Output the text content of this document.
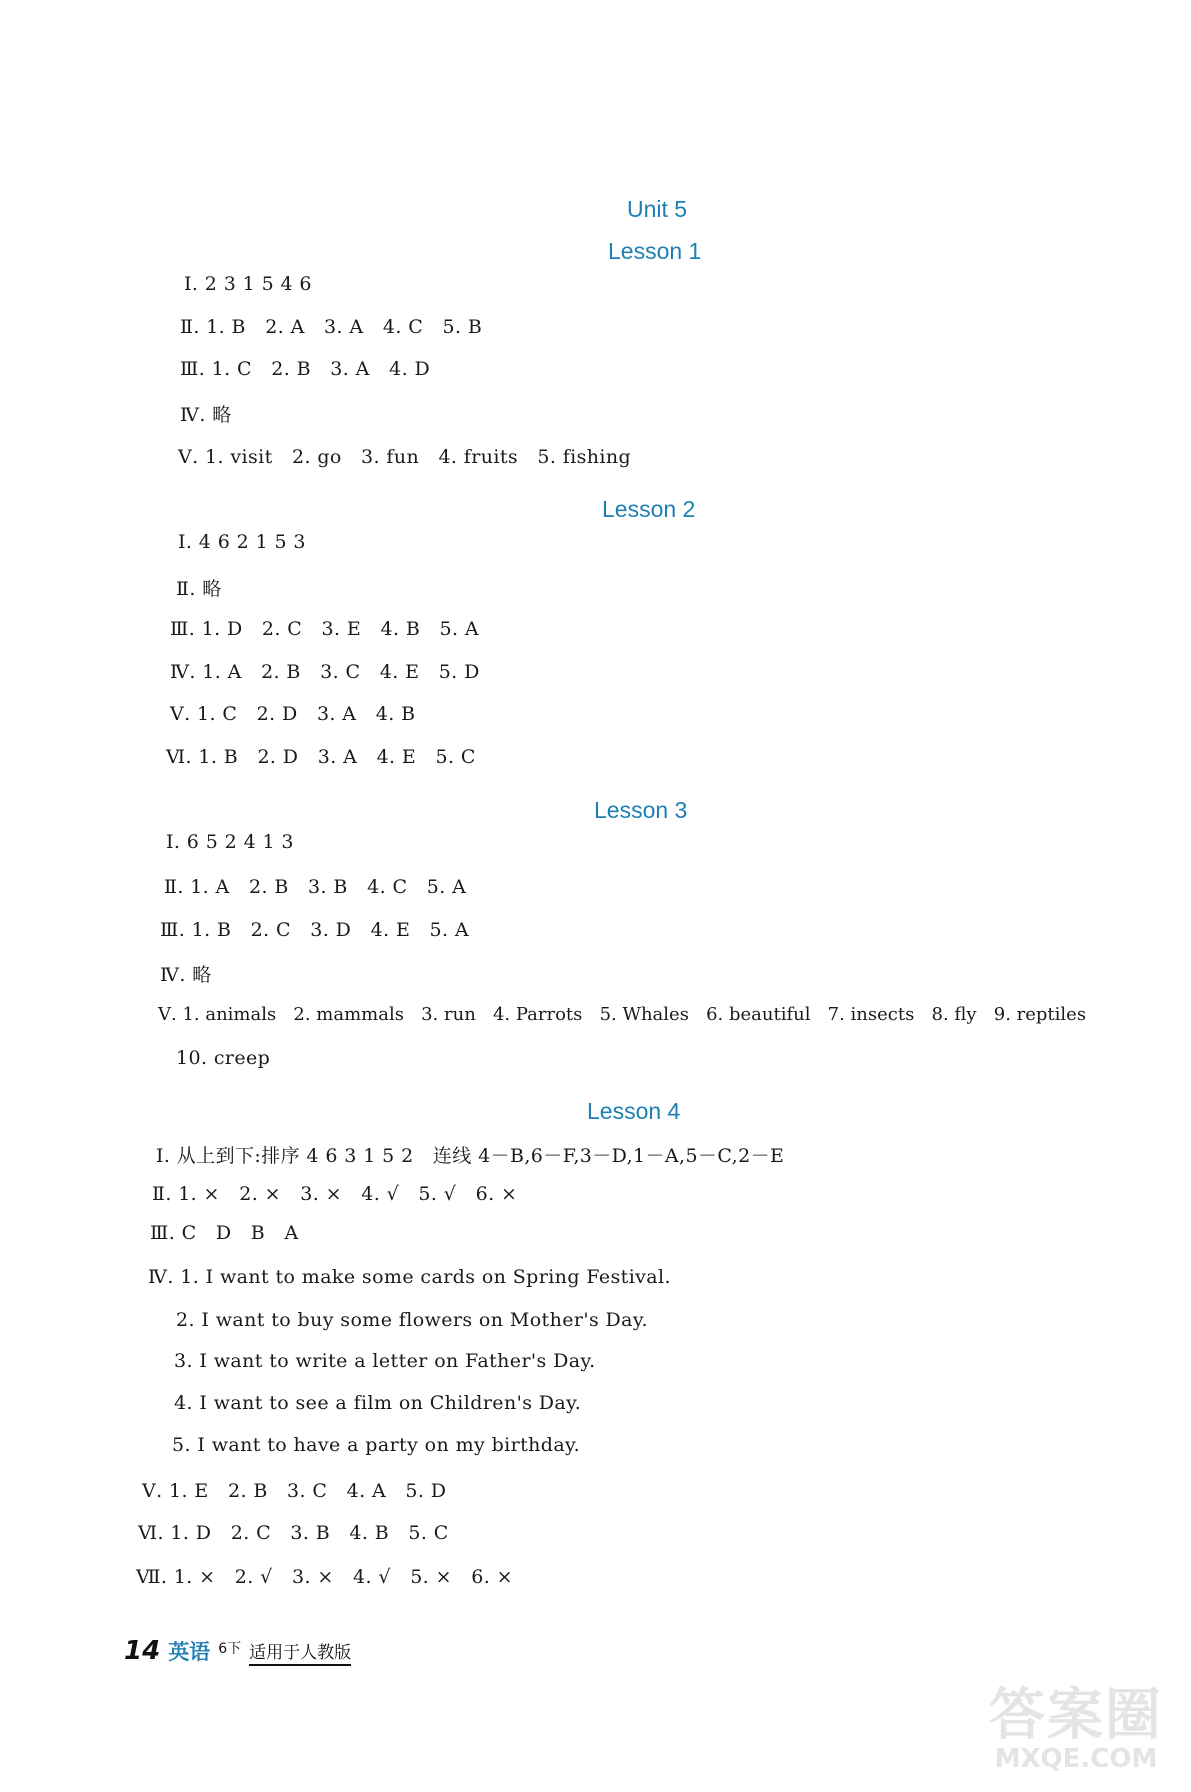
Unit 5
Lesson 1
Ⅰ. 2 3 1 5 4 6
Ⅱ. 1. B   2. A   3. A   4. C   5. B
Ⅲ. 1. C   2. B   3. A   4. D
Ⅳ. 略
Ⅴ. 1. visit   2. go   3. fun   4. fruits   5. fishing
Lesson 2
Ⅰ. 4 6 2 1 5 3
Ⅱ. 略
Ⅲ. 1. D   2. C   3. E   4. B   5. A
Ⅳ. 1. A   2. B   3. C   4. E   5. D
Ⅴ. 1. C   2. D   3. A   4. B
Ⅵ. 1. B   2. D   3. A   4. E   5. C
Lesson 3
Ⅰ. 6 5 2 4 1 3
Ⅱ. 1. A   2. B   3. B   4. C   5. A
Ⅲ. 1. B   2. C   3. D   4. E   5. A
Ⅳ. 略
Ⅴ. 1. animals   2. mammals   3. run   4. Parrots   5. Whales   6. beautiful   7. insects   8. fly   9. reptiles
10. creep
Lesson 4
Ⅰ. 从上到下:排序 4 6 3 1 5 2   连线 4－B,6－F,3－D,1－A,5－C,2－E
Ⅱ. 1. ×   2. ×   3. ×   4. √   5. √   6. ×
Ⅲ. C   D   B   A
Ⅳ. 1. I want to make some cards on Spring Festival.
2. I want to buy some flowers on Mother's Day.
3. I want to write a letter on Father's Day.
4. I want to see a film on Children's Day.
5. I want to have a party on my birthday.
Ⅴ. 1. E   2. B   3. C   4. A   5. D
Ⅵ. 1. D   2. C   3. B   4. B   5. C
Ⅶ. 1. ×   2. √   3. ×   4. √   5. ×   6. ×
14 英语 6下 适用于人教版
答案圈
MXQE.COM
